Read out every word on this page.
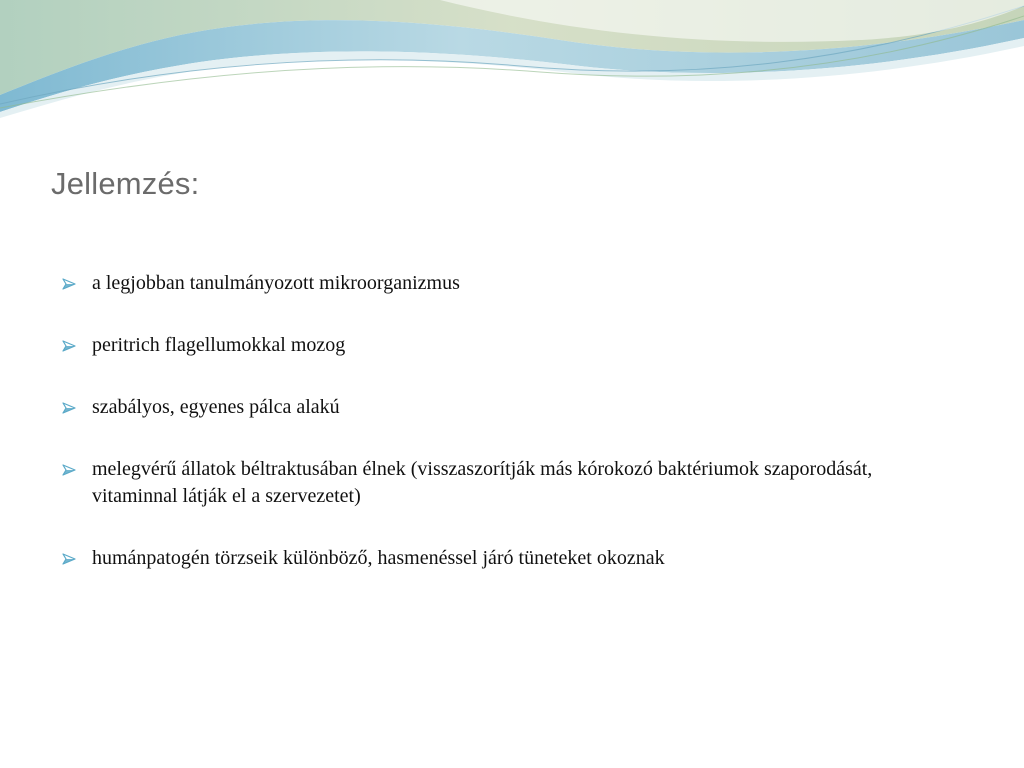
Jellemzés:
a legjobban tanulmányozott mikroorganizmus
peritrich flagellumokkal mozog
szabályos, egyenes pálca alakú
melegvérű állatok béltraktusában élnek (visszaszorítják más kórokozó baktériumok szaporodását, vitaminnal látják el a szervezetet)
humánpatogén törzseik különböző, hasmenéssel járó tüneteket okoznak
